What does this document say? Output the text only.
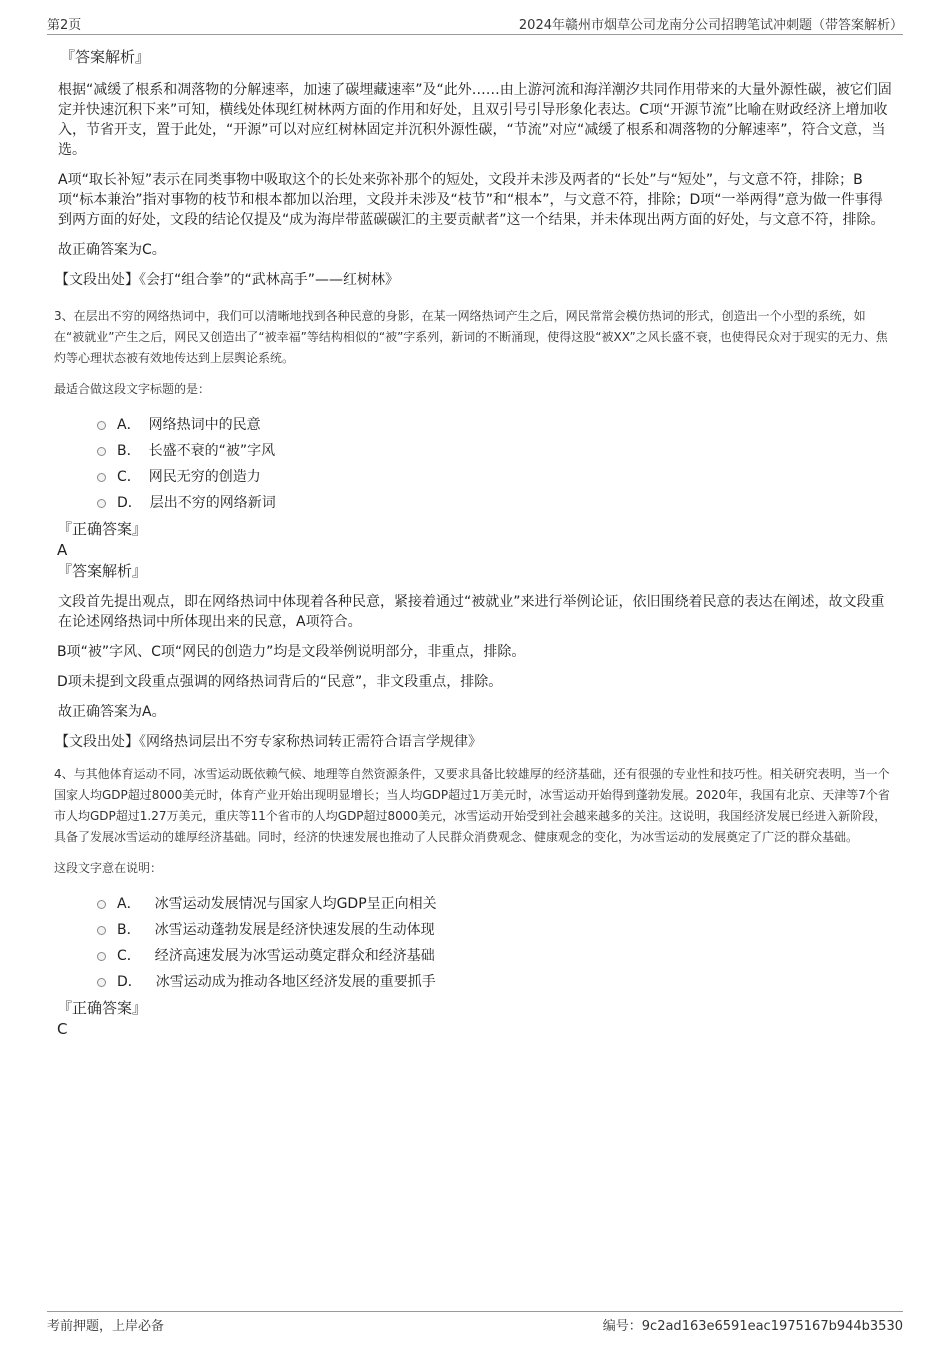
第2页	2024年赣州市烟草公司龙南分公司招聘笔试冲刺题（带答案解析）

『答案解析』

根据“减缓了根系和凋落物的分解速率，加速了碳埋藏速率”及“此外……由上游河流和海洋潮汐共同作用带来的大量外源性碳，被它们固定并快速沉积下来”可知，横线处体现红树林两方面的作用和好处，且双引号引导形象化表达。C项“开源节流”比喻在财政经济上增加收入，节省开支，置于此处，“开源”可以对应红树林固定并沉积外源性碳，“节流”对应“减缓了根系和凋落物的分解速率”，符合文意，当选。

A项“取长补短”表示在同类事物中吸取这个的长处来弥补那个的短处，文段并未涉及两者的“长处”与“短处”，与文意不符，排除；B项“标本兼治”指对事物的枝节和根本都加以治理，文段并未涉及“枝节”和“根本”，与文意不符，排除；D项“一举两得”意为做一件事得到两方面的好处，文段的结论仅提及“成为海岸带蓝碳碳汇的主要贡献者”这一个结果，并未体现出两方面的好处，与文意不符，排除。

故正确答案为C。

【文段出处】《会打“组合拳”的“武林高手”——红树林》

3、在层出不穷的网络热词中，我们可以清晰地找到各种民意的身影，在某一网络热词产生之后，网民常常会模仿热词的形式，创造出一个小型的系统，如在“被就业”产生之后，网民又创造出了“被幸福”等结构相似的“被”字系列，新词的不断涌现，使得这股“被XX”之风长盛不衰，也使得民众对于现实的无力、焦灼等心理状态被有效地传达到上层舆论系统。

最适合做这段文字标题的是：

A． 网络热词中的民意
B． 长盛不衰的“被”字风
C． 网民无穷的创造力
D． 层出不穷的网络新词

『正确答案』

A

『答案解析』

文段首先提出观点，即在网络热词中体现着各种民意，紧接着通过“被就业”来进行举例论证，依旧围绕着民意的表达在阐述，故文段重在论述网络热词中所体现出来的民意，A项符合。

B项“被”字风、C项“网民的创造力”均是文段举例说明部分，非重点，排除。

D项未提到文段重点强调的网络热词背后的“民意”，非文段重点，排除。

故正确答案为A。

【文段出处】《网络热词层出不穷专家称热词转正需符合语言学规律》

4、与其他体育运动不同，冰雪运动既依赖气候、地理等自然资源条件，又要求具备比较雄厚的经济基础，还有很强的专业性和技巧性。相关研究表明，当一个国家人均GDP超过8000美元时，体育产业开始出现明显增长；当人均GDP超过1万美元时，冰雪运动开始得到蓬勃发展。2020年，我国有北京、天津等7个省市人均GDP超过1.27万美元，重庆等11个省市的人均GDP超过8000美元，冰雪运动开始受到社会越来越多的关注。这说明，我国经济发展已经进入新阶段，具备了发展冰雪运动的雄厚经济基础。同时，经济的快速发展也推动了人民群众消费观念、健康观念的变化，为冰雪运动的发展奠定了广泛的群众基础。

这段文字意在说明：

A． 冰雪运动发展情况与国家人均GDP呈正向相关
B． 冰雪运动蓬勃发展是经济快速发展的生动体现
C． 经济高速发展为冰雪运动奠定群众和经济基础
D． 冰雪运动成为推动各地区经济发展的重要抓手

『正确答案』

C

考前押题，上岸必备	编号：9c2ad163e6591eac1975167b944b3530
